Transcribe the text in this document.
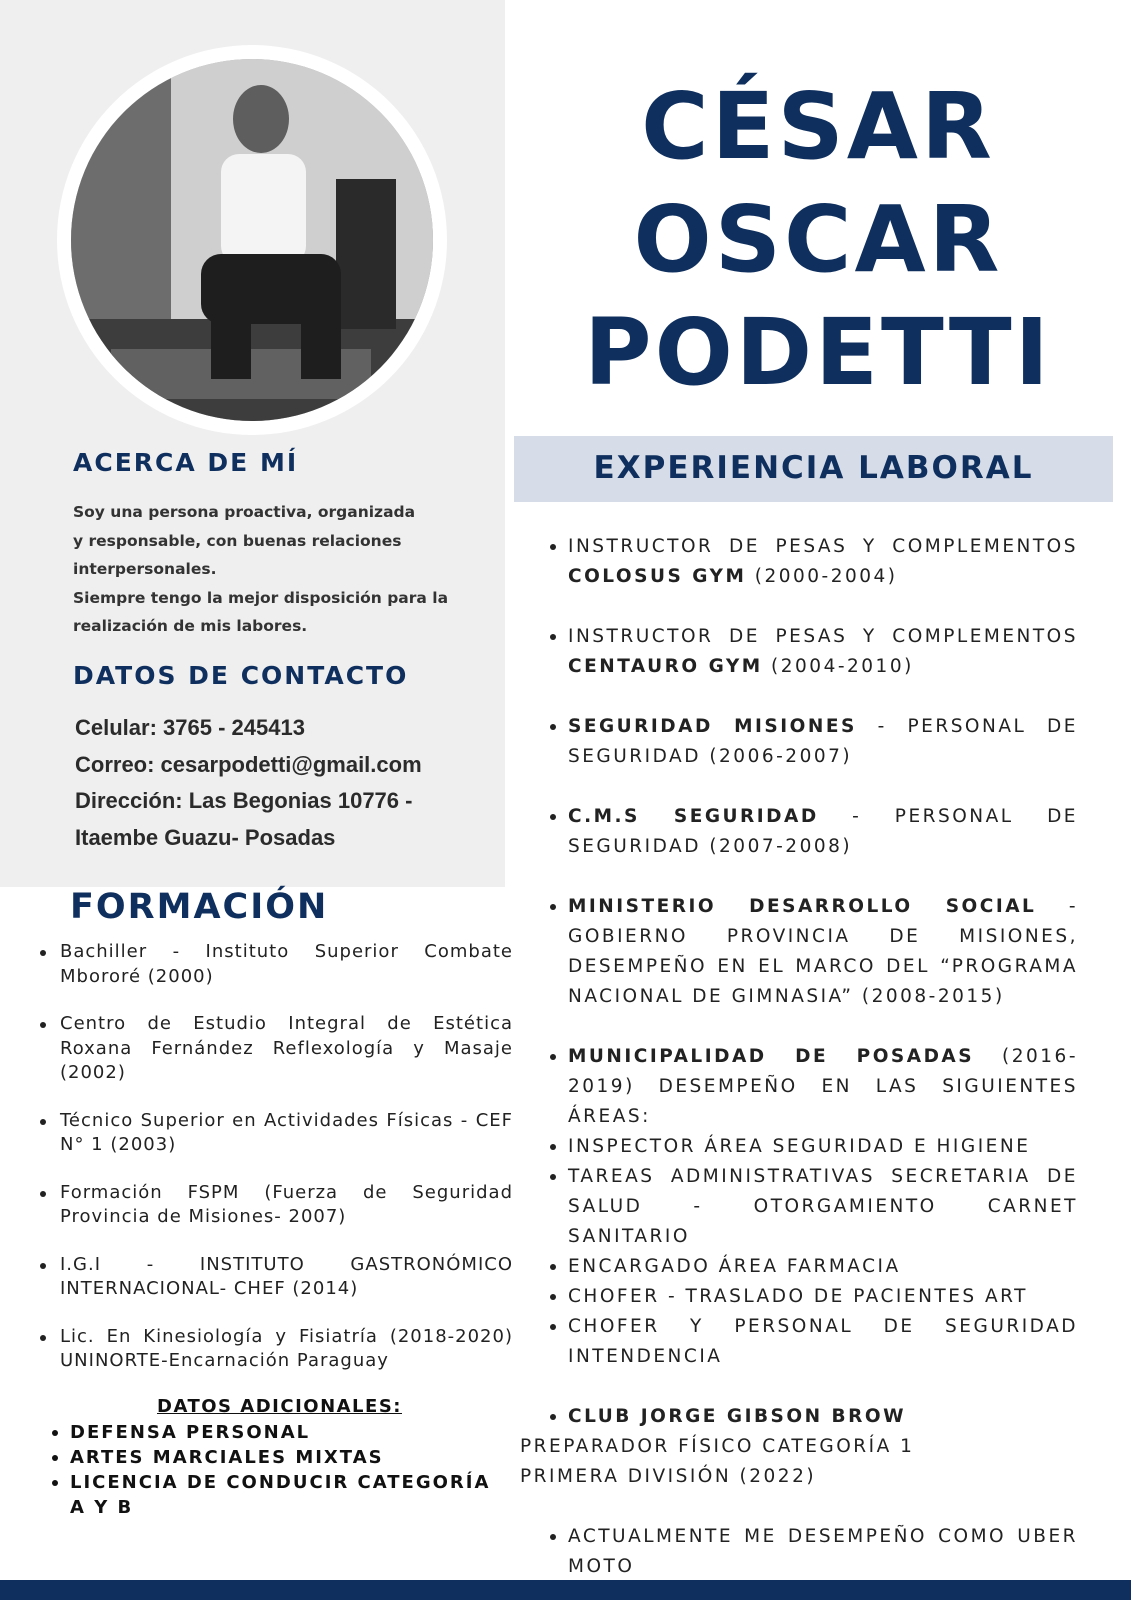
ACERCA DE MÍ
Soy una persona proactiva, organizada
y responsable, con buenas relaciones
interpersonales.
Siempre tengo la mejor disposición para la
realización de mis labores.
DATOS DE CONTACTO
Celular: 3765 - 245413
Correo: cesarpodetti@gmail.com
Dirección: Las Begonias 10776 -
Itaembe Guazu- Posadas
FORMACIÓN
Bachiller - Instituto Superior Combate Mbororé (2000)
Centro de Estudio Integral de Estética Roxana Fernández Reflexología y Masaje (2002)
Técnico Superior en Actividades Físicas - CEF N° 1 (2003)
Formación FSPM (Fuerza de Seguridad Provincia de Misiones- 2007)
I.G.I - INSTITUTO GASTRONÓMICO INTERNACIONAL- CHEF (2014)
Lic. En Kinesiología y Fisiatría (2018-2020) UNINORTE-Encarnación Paraguay
DATOS ADICIONALES:
DEFENSA PERSONAL
ARTES MARCIALES MIXTAS
LICENCIA DE CONDUCIR CATEGORÍA A Y B
CÉSAR
OSCAR
PODETTI
EXPERIENCIA LABORAL
INSTRUCTOR DE PESAS Y COMPLEMENTOS COLOSUS GYM (2000-2004)
INSTRUCTOR DE PESAS Y COMPLEMENTOS CENTAURO GYM (2004-2010)
SEGURIDAD MISIONES - PERSONAL DE SEGURIDAD (2006-2007)
C.M.S SEGURIDAD - PERSONAL DE SEGURIDAD (2007-2008)
MINISTERIO DESARROLLO SOCIAL - GOBIERNO PROVINCIA DE MISIONES, DESEMPEÑO EN EL MARCO DEL “PROGRAMA NACIONAL DE GIMNASIA” (2008-2015)
MUNICIPALIDAD DE POSADAS (2016-2019) DESEMPEÑO EN LAS SIGUIENTES ÁREAS:
INSPECTOR ÁREA SEGURIDAD E HIGIENE
TAREAS ADMINISTRATIVAS SECRETARIA DE SALUD - OTORGAMIENTO CARNET SANITARIO
ENCARGADO ÁREA FARMACIA
CHOFER - TRASLADO DE PACIENTES ART
CHOFER Y PERSONAL DE SEGURIDAD INTENDENCIA
CLUB JORGE GIBSON BROW
PREPARADOR FÍSICO CATEGORÍA 1
PRIMERA DIVISIÓN (2022)
ACTUALMENTE ME DESEMPEÑO COMO UBER MOTO
